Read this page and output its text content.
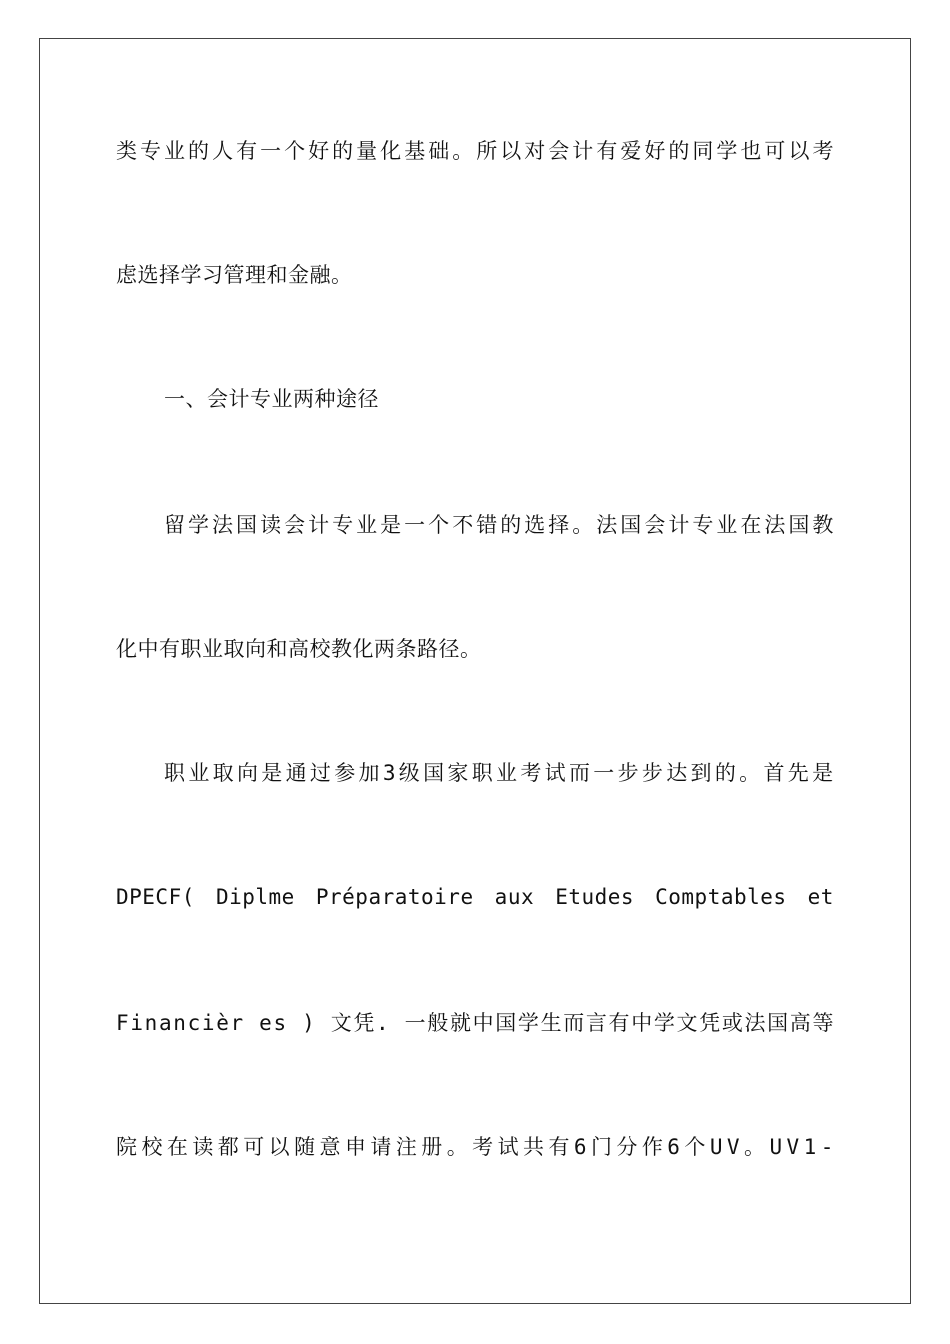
类 专 业 的 人 有 一 个 好 的 量 化 基 础 。 所 以 对 会 计 有 爱 好 的 同 学 也 可 以 考
虑选择学习管理和金融。
一、会计专业两种途径
留 学 法 国 读 会 计 专 业 是 一 个 不 错 的 选 择 。 法 国 会 计 专 业 在 法 国 教
化中有职业取向和高校教化两条路径。
职 业 取 向 是 通 过 参 加 3 级 国 家 职 业 考 试 而 一 步 步 达 到 的 。 首 先 是
DPECF( Diplme Préparatoire aux Etudes Comptables et
F i n a n c i è r
e s
)
文 凭 .
一 般 就 中 国 学 生 而 言 有 中 学 文 凭 或 法 国 高 等
院 校 在 读 都 可 以 随 意 申 请 注 册 。 考 试 共 有 6 门 分 作 6 个 U V 。 U V 1 -
